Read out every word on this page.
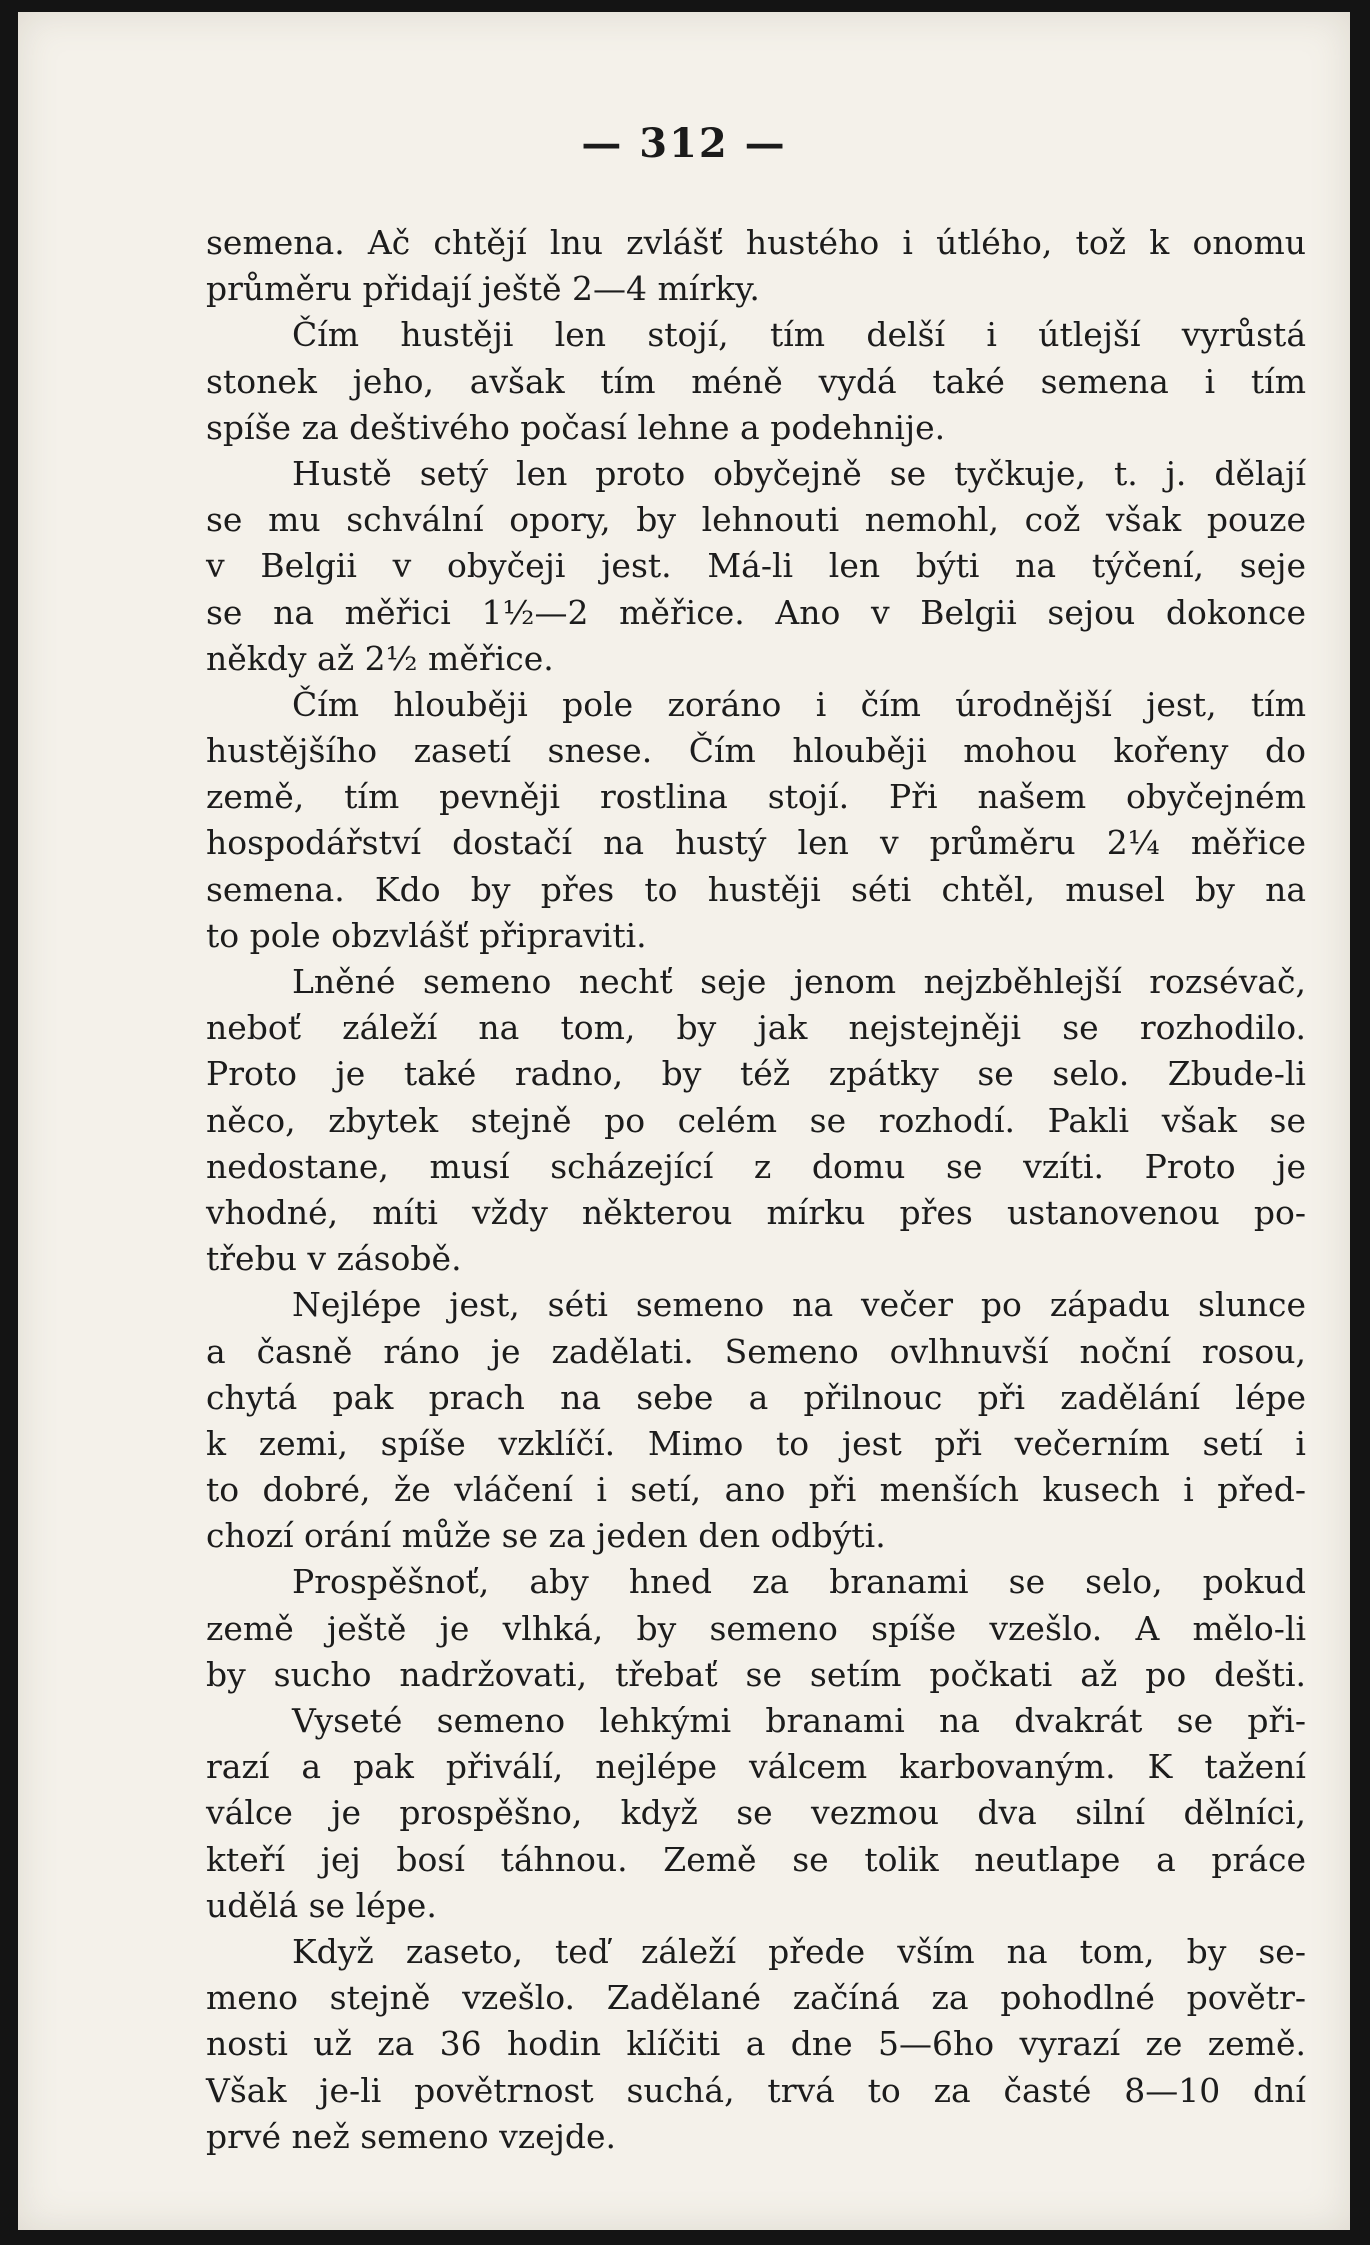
— 312 —
semena. Ač chtějí lnu zvlášť hustého i útlého, tož k onomu
průměru přidají ještě 2—4 mírky.
Čím hustěji len stojí, tím delší i útlejší vyrůstá
stonek jeho, avšak tím méně vydá také semena i tím
spíše za deštivého počasí lehne a podehnije.
Hustě setý len proto obyčejně se tyčkuje, t. j. dělají
se mu schvální opory, by lehnouti nemohl, což však pouze
v Belgii v obyčeji jest. Má-li len býti na týčení, seje
se na měřici 1½—2 měřice. Ano v Belgii sejou dokonce
někdy až 2½ měřice.
Čím hlouběji pole zoráno i čím úrodnější jest, tím
hustějšího zasetí snese. Čím hlouběji mohou kořeny do
země, tím pevněji rostlina stojí. Při našem obyčejném
hospodářství dostačí na hustý len v průměru 2¼ měřice
semena. Kdo by přes to hustěji séti chtěl, musel by na
to pole obzvlášť připraviti.
Lněné semeno nechť seje jenom nejzběhlejší rozsévač,
neboť záleží na tom, by jak nejstejněji se rozhodilo.
Proto je také radno, by též zpátky se selo. Zbude-li
něco, zbytek stejně po celém se rozhodí. Pakli však se
nedostane, musí scházející z domu se vzíti. Proto je
vhodné, míti vždy některou mírku přes ustanovenou po-
třebu v zásobě.
Nejlépe jest, séti semeno na večer po západu slunce
a časně ráno je zadělati. Semeno ovlhnuvší noční rosou,
chytá pak prach na sebe a přilnouc při zadělání lépe
k zemi, spíše vzklíčí. Mimo to jest při večerním setí i
to dobré, že vláčení i setí, ano při menších kusech i před-
chozí orání může se za jeden den odbýti.
Prospěšnoť, aby hned za branami se selo, pokud
země ještě je vlhká, by semeno spíše vzešlo. A mělo-li
by sucho nadržovati, třebať se setím počkati až po dešti.
Vyseté semeno lehkými branami na dvakrát se při-
razí a pak přiválí, nejlépe válcem karbovaným. K tažení
válce je prospěšno, když se vezmou dva silní dělníci,
kteří jej bosí táhnou. Země se tolik neutlape a práce
udělá se lépe.
Když zaseto, teď záleží přede vším na tom, by se-
meno stejně vzešlo. Zadělané začíná za pohodlné povětr-
nosti už za 36 hodin klíčiti a dne 5—6ho vyrazí ze země.
Však je-li povětrnost suchá, trvá to za časté 8—10 dní
prvé než semeno vzejde.
